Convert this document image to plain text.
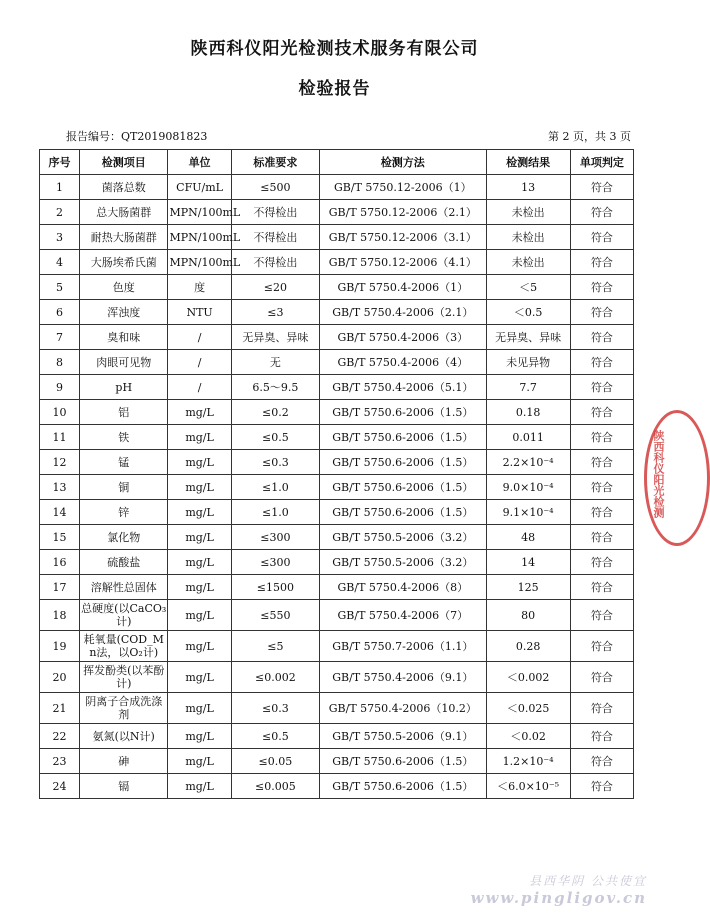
陕西科仪阳光检测技术服务有限公司
检验报告
报告编号：QT2019081823	第 2 页，共 3 页
序号	检测项目	单位	标准要求	检测方法	检测结果	单项判定
1	菌落总数	CFU/mL	≤500	GB/T 5750.12-2006（1）	13	符合
2	总大肠菌群	MPN/100mL	不得检出	GB/T 5750.12-2006（2.1）	未检出	符合
3	耐热大肠菌群	MPN/100mL	不得检出	GB/T 5750.12-2006（3.1）	未检出	符合
4	大肠埃希氏菌	MPN/100mL	不得检出	GB/T 5750.12-2006（4.1）	未检出	符合
5	色度	度	≤20	GB/T 5750.4-2006（1）	＜5	符合
6	浑浊度	NTU	≤3	GB/T 5750.4-2006（2.1）	＜0.5	符合
7	臭和味	/	无异臭、异味	GB/T 5750.4-2006（3）	无异臭、异味	符合
8	肉眼可见物	/	无	GB/T 5750.4-2006（4）	未见异物	符合
9	pH	/	6.5～9.5	GB/T 5750.4-2006（5.1）	7.7	符合
10	铝	mg/L	≤0.2	GB/T 5750.6-2006（1.5）	0.18	符合
11	铁	mg/L	≤0.5	GB/T 5750.6-2006（1.5）	0.011	符合
12	锰	mg/L	≤0.3	GB/T 5750.6-2006（1.5）	2.2×10⁻⁴	符合
13	铜	mg/L	≤1.0	GB/T 5750.6-2006（1.5）	9.0×10⁻⁴	符合
14	锌	mg/L	≤1.0	GB/T 5750.6-2006（1.5）	9.1×10⁻⁴	符合
15	氯化物	mg/L	≤300	GB/T 5750.5-2006（3.2）	48	符合
16	硫酸盐	mg/L	≤300	GB/T 5750.5-2006（3.2）	14	符合
17	溶解性总固体	mg/L	≤1500	GB/T 5750.4-2006（8）	125	符合
18	总硬度(以CaCO₃计)	mg/L	≤550	GB/T 5750.4-2006（7）	80	符合
19	耗氧量(COD_Mn法，以O₂计)	mg/L	≤5	GB/T 5750.7-2006（1.1）	0.28	符合
20	挥发酚类(以苯酚计)	mg/L	≤0.002	GB/T 5750.4-2006（9.1）	＜0.002	符合
21	阴离子合成洗涤剂	mg/L	≤0.3	GB/T 5750.4-2006（10.2）	＜0.025	符合
22	氨氮(以N计)	mg/L	≤0.5	GB/T 5750.5-2006（9.1）	＜0.02	符合
23	砷	mg/L	≤0.05	GB/T 5750.6-2006（1.5）	1.2×10⁻⁴	符合
24	镉	mg/L	≤0.005	GB/T 5750.6-2006（1.5）	＜6.0×10⁻⁵	符合
陕西科仪阳光检测
县西华阴 公共使宜
www.pingligov.cn
